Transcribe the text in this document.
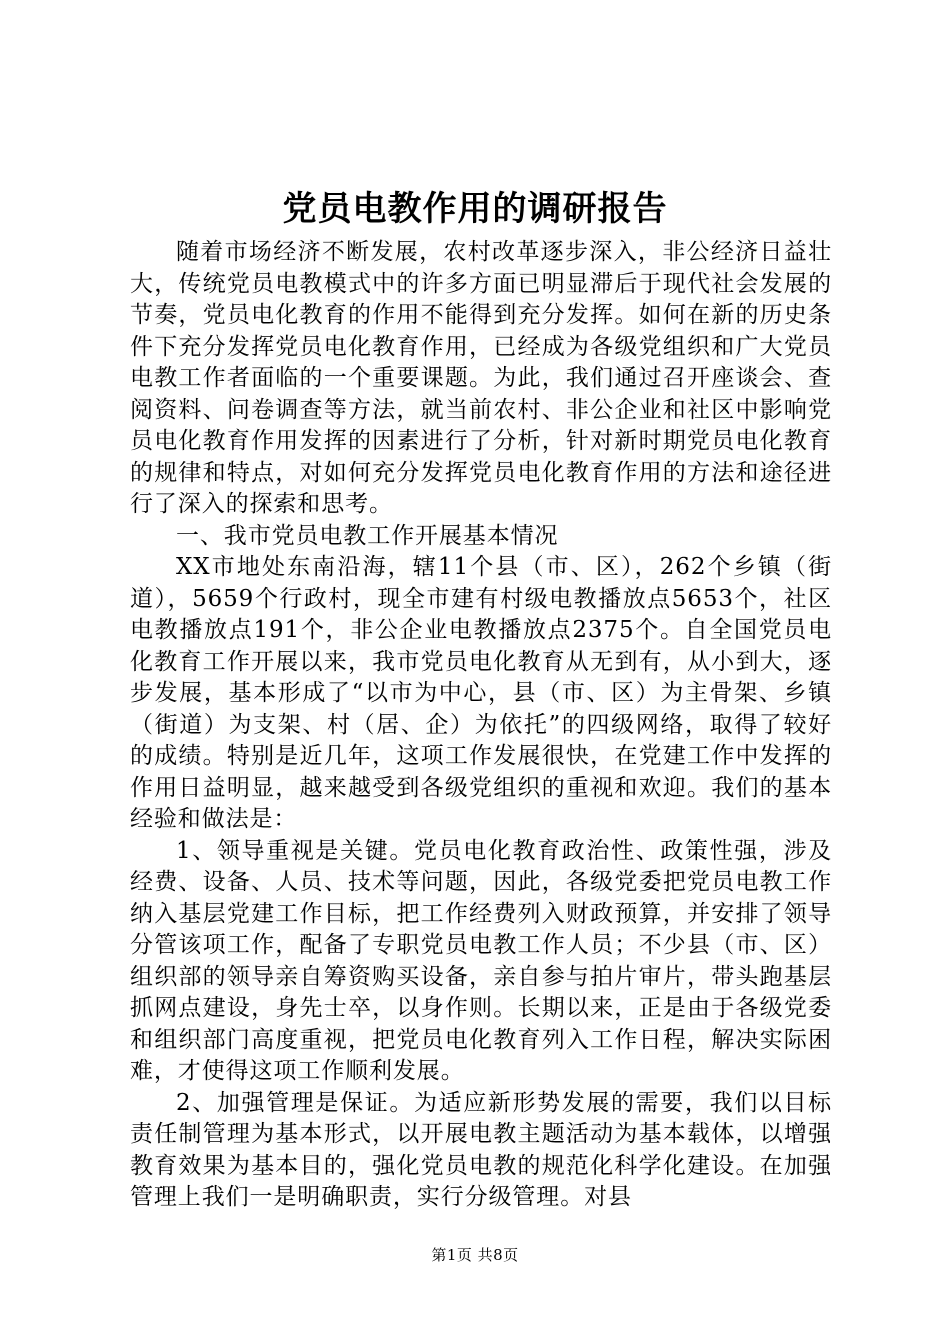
党员电教作用的调研报告

随着市场经济不断发展，农村改革逐步深入，非公经济日益壮大，传统党员电教模式中的许多方面已明显滞后于现代社会发展的节奏，党员电化教育的作用不能得到充分发挥。如何在新的历史条件下充分发挥党员电化教育作用，已经成为各级党组织和广大党员电教工作者面临的一个重要课题。为此，我们通过召开座谈会、查阅资料、问卷调查等方法，就当前农村、非公企业和社区中影响党员电化教育作用发挥的因素进行了分析，针对新时期党员电化教育的规律和特点，对如何充分发挥党员电化教育作用的方法和途径进行了深入的探索和思考。

一、我市党员电教工作开展基本情况

XX市地处东南沿海，辖11个县（市、区），262个乡镇（街道），5659个行政村，现全市建有村级电教播放点5653个，社区电教播放点191个，非公企业电教播放点2375个。自全国党员电化教育工作开展以来，我市党员电化教育从无到有，从小到大，逐步发展，基本形成了“以市为中心，县（市、区）为主骨架、乡镇（街道）为支架、村（居、企）为依托”的四级网络，取得了较好的成绩。特别是近几年，这项工作发展很快，在党建工作中发挥的作用日益明显，越来越受到各级党组织的重视和欢迎。我们的基本经验和做法是：

1、领导重视是关键。党员电化教育政治性、政策性强，涉及经费、设备、人员、技术等问题，因此，各级党委把党员电教工作纳入基层党建工作目标，把工作经费列入财政预算，并安排了领导分管该项工作，配备了专职党员电教工作人员；不少县（市、区）组织部的领导亲自筹资购买设备，亲自参与拍片审片，带头跑基层抓网点建设，身先士卒，以身作则。长期以来，正是由于各级党委和组织部门高度重视，把党员电化教育列入工作日程，解决实际困难，才使得这项工作顺利发展。

2、加强管理是保证。为适应新形势发展的需要，我们以目标责任制管理为基本形式，以开展电教主题活动为基本载体，以增强教育效果为基本目的，强化党员电教的规范化科学化建设。在加强管理上我们一是明确职责，实行分级管理。对县

第1页 共8页
